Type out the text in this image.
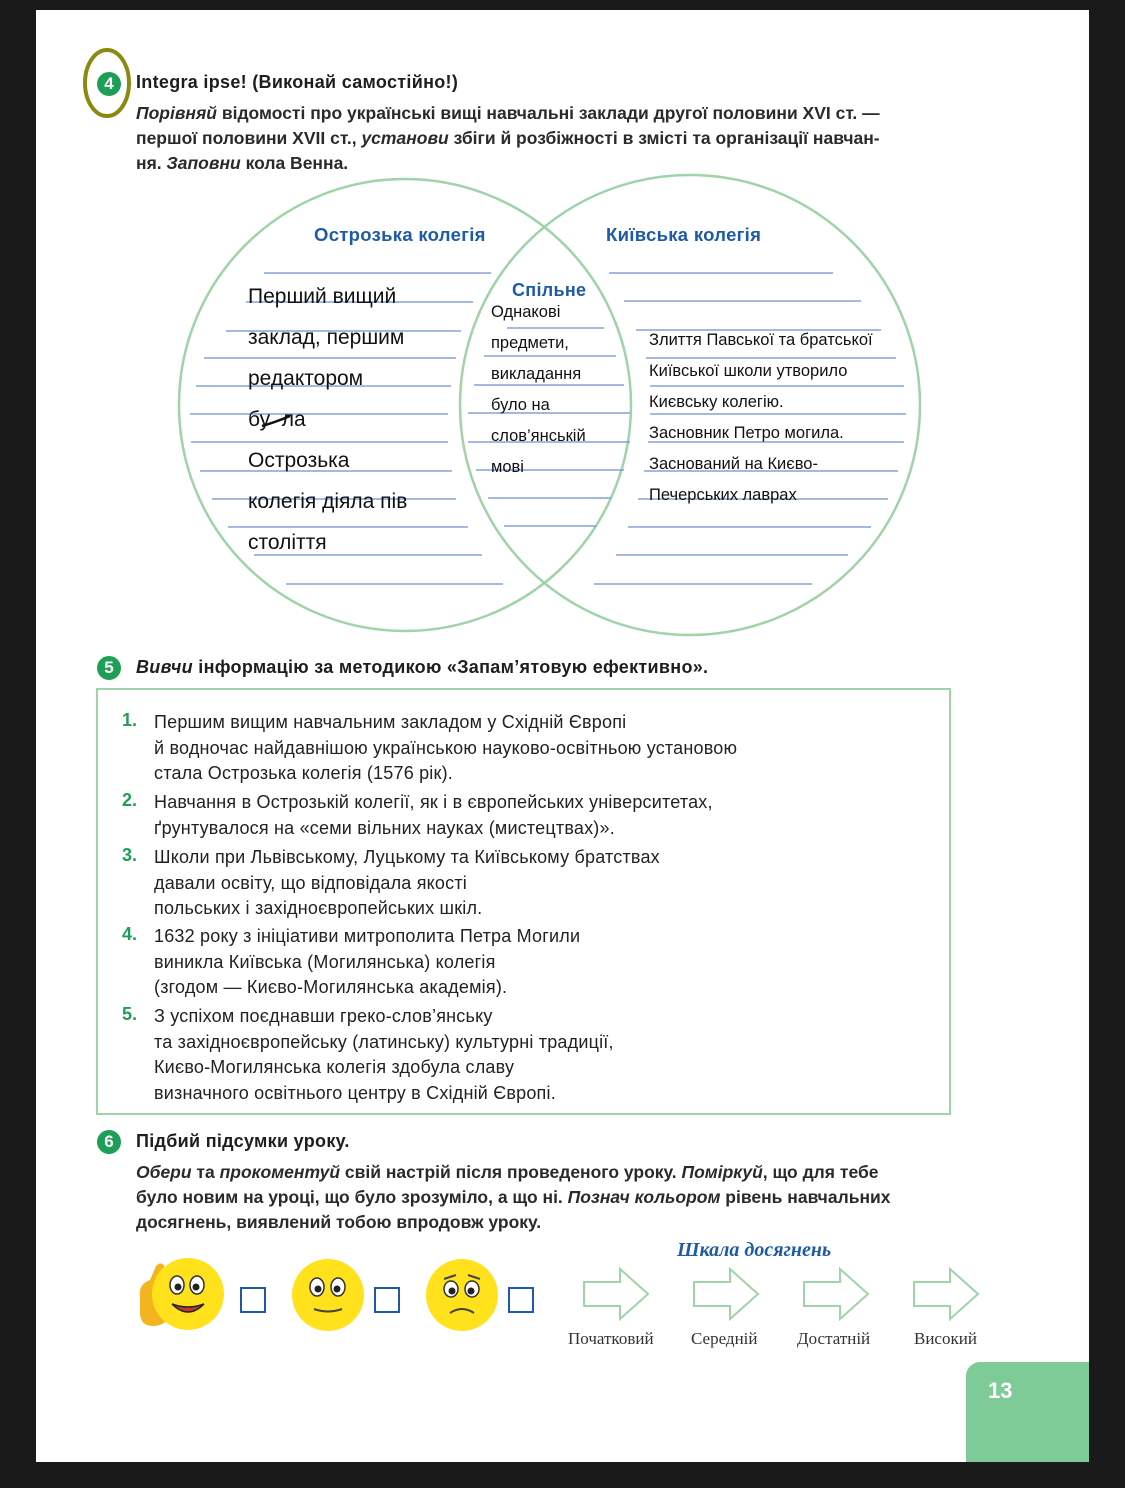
4	Integra ipse! (Виконай самостійно!)
Порівняй відомості про українські вищі навчальні заклади другої половини XVI ст. —
першої половини XVII ст., установи збіги й розбіжності в змісті та організації навчан-
ня. Заповни кола Венна.
Острозька колегія	Київська колегія
Спільне
Перший вищий
заклад, першим
редактором
бу  ла
Острозька
колегія діяла пів
століття
Однакові
предмети,
викладання
було на
слов’янській
мові
Злиття Павської та братської
Київської школи утворило
Києвську колегію.
Засновник Петро могила.
Заснований на Києво-
Печерських лаврах
5	Вивчи інформацію за методикою «Запам’ятовую ефективно».
1. Першим вищим навчальним закладом у Східній Європі
й водночас найдавнішою українською науково-освітньою установою
стала Острозька колегія (1576 рік).
2. Навчання в Острозькій колегії, як і в європейських університетах,
ґрунтувалося на «семи вільних науках (мистецтвах)».
3. Школи при Львівському, Луцькому та Київському братствах
давали освіту, що відповідала якості
польських і західноєвропейських шкіл.
4. 1632 року з ініціативи митрополита Петра Могили
виникла Київська (Могилянська) колегія
(згодом — Києво-Могилянська академія).
5. З успіхом поєднавши греко-слов’янську
та західноєвропейську (латинську) культурні традиції,
Києво-Могилянська колегія здобула славу
визначного освітнього центру в Східній Європі.
6	Підбий підсумки уроку.
Обери та прокоментуй свій настрій після проведеного уроку. Поміркуй, що для тебе
було новим на уроці, що було зрозуміло, а що ні. Познач кольором рівень навчальних
досягнень, виявлений тобою впродовж уроку.
Шкала досягнень
Початковий Середній Достатній	Високий
13
